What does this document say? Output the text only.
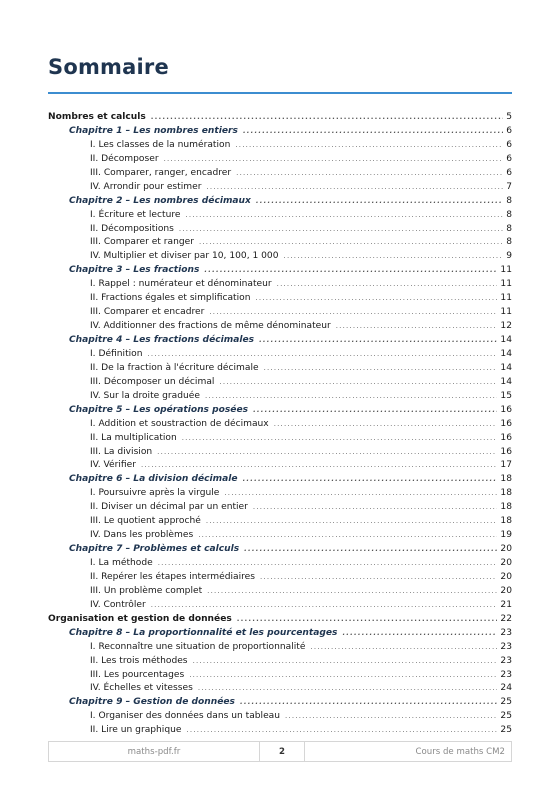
Sommaire
Nombres et calculs .....	5
Chapitre 1 – Les nombres entiers .....	6
I. Les classes de la numération .....	6
II. Décomposer .....	6
III. Comparer, ranger, encadrer .....	6
IV. Arrondir pour estimer .....	7
Chapitre 2 – Les nombres décimaux .....	8
I. Écriture et lecture .....	8
II. Décompositions .....	8
III. Comparer et ranger .....	8
IV. Multiplier et diviser par 10, 100, 1 000 .....	9
Chapitre 3 – Les fractions .....	11
I. Rappel : numérateur et dénominateur .....	11
II. Fractions égales et simplification .....	11
III. Comparer et encadrer .....	11
IV. Additionner des fractions de même dénominateur .....	12
Chapitre 4 – Les fractions décimales .....	14
I. Définition .....	14
II. De la fraction à l'écriture décimale .....	14
III. Décomposer un décimal .....	14
IV. Sur la droite graduée .....	15
Chapitre 5 – Les opérations posées .....	16
I. Addition et soustraction de décimaux .....	16
II. La multiplication .....	16
III. La division .....	16
IV. Vérifier .....	17
Chapitre 6 – La division décimale .....	18
I. Poursuivre après la virgule .....	18
II. Diviser un décimal par un entier .....	18
III. Le quotient approché .....	18
IV. Dans les problèmes .....	19
Chapitre 7 – Problèmes et calculs .....	20
I. La méthode .....	20
II. Repérer les étapes intermédiaires .....	20
III. Un problème complet .....	20
IV. Contrôler .....	21
Organisation et gestion de données .....	22
Chapitre 8 – La proportionnalité et les pourcentages .....	23
I. Reconnaître une situation de proportionnalité .....	23
II. Les trois méthodes .....	23
III. Les pourcentages .....	23
IV. Échelles et vitesses .....	24
Chapitre 9 – Gestion de données .....	25
I. Organiser des données dans un tableau .....	25
II. Lire un graphique .....	25
maths-pdf.fr	2	Cours de maths CM2
